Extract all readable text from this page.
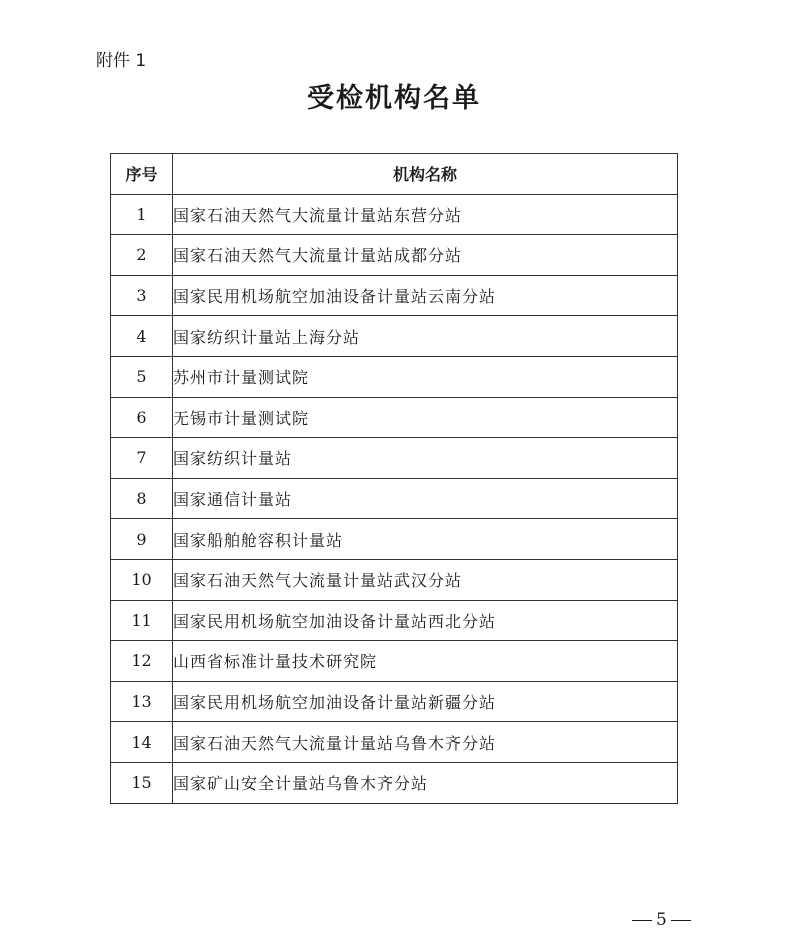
附件 1
受检机构名单
序号	机构名称
1	国家石油天然气大流量计量站东营分站
2	国家石油天然气大流量计量站成都分站
3	国家民用机场航空加油设备计量站云南分站
4	国家纺织计量站上海分站
5	苏州市计量测试院
6	无锡市计量测试院
7	国家纺织计量站
8	国家通信计量站
9	国家船舶舱容积计量站
10	国家石油天然气大流量计量站武汉分站
11	国家民用机场航空加油设备计量站西北分站
12	山西省标准计量技术研究院
13	国家民用机场航空加油设备计量站新疆分站
14	国家石油天然气大流量计量站乌鲁木齐分站
15	国家矿山安全计量站乌鲁木齐分站
5
